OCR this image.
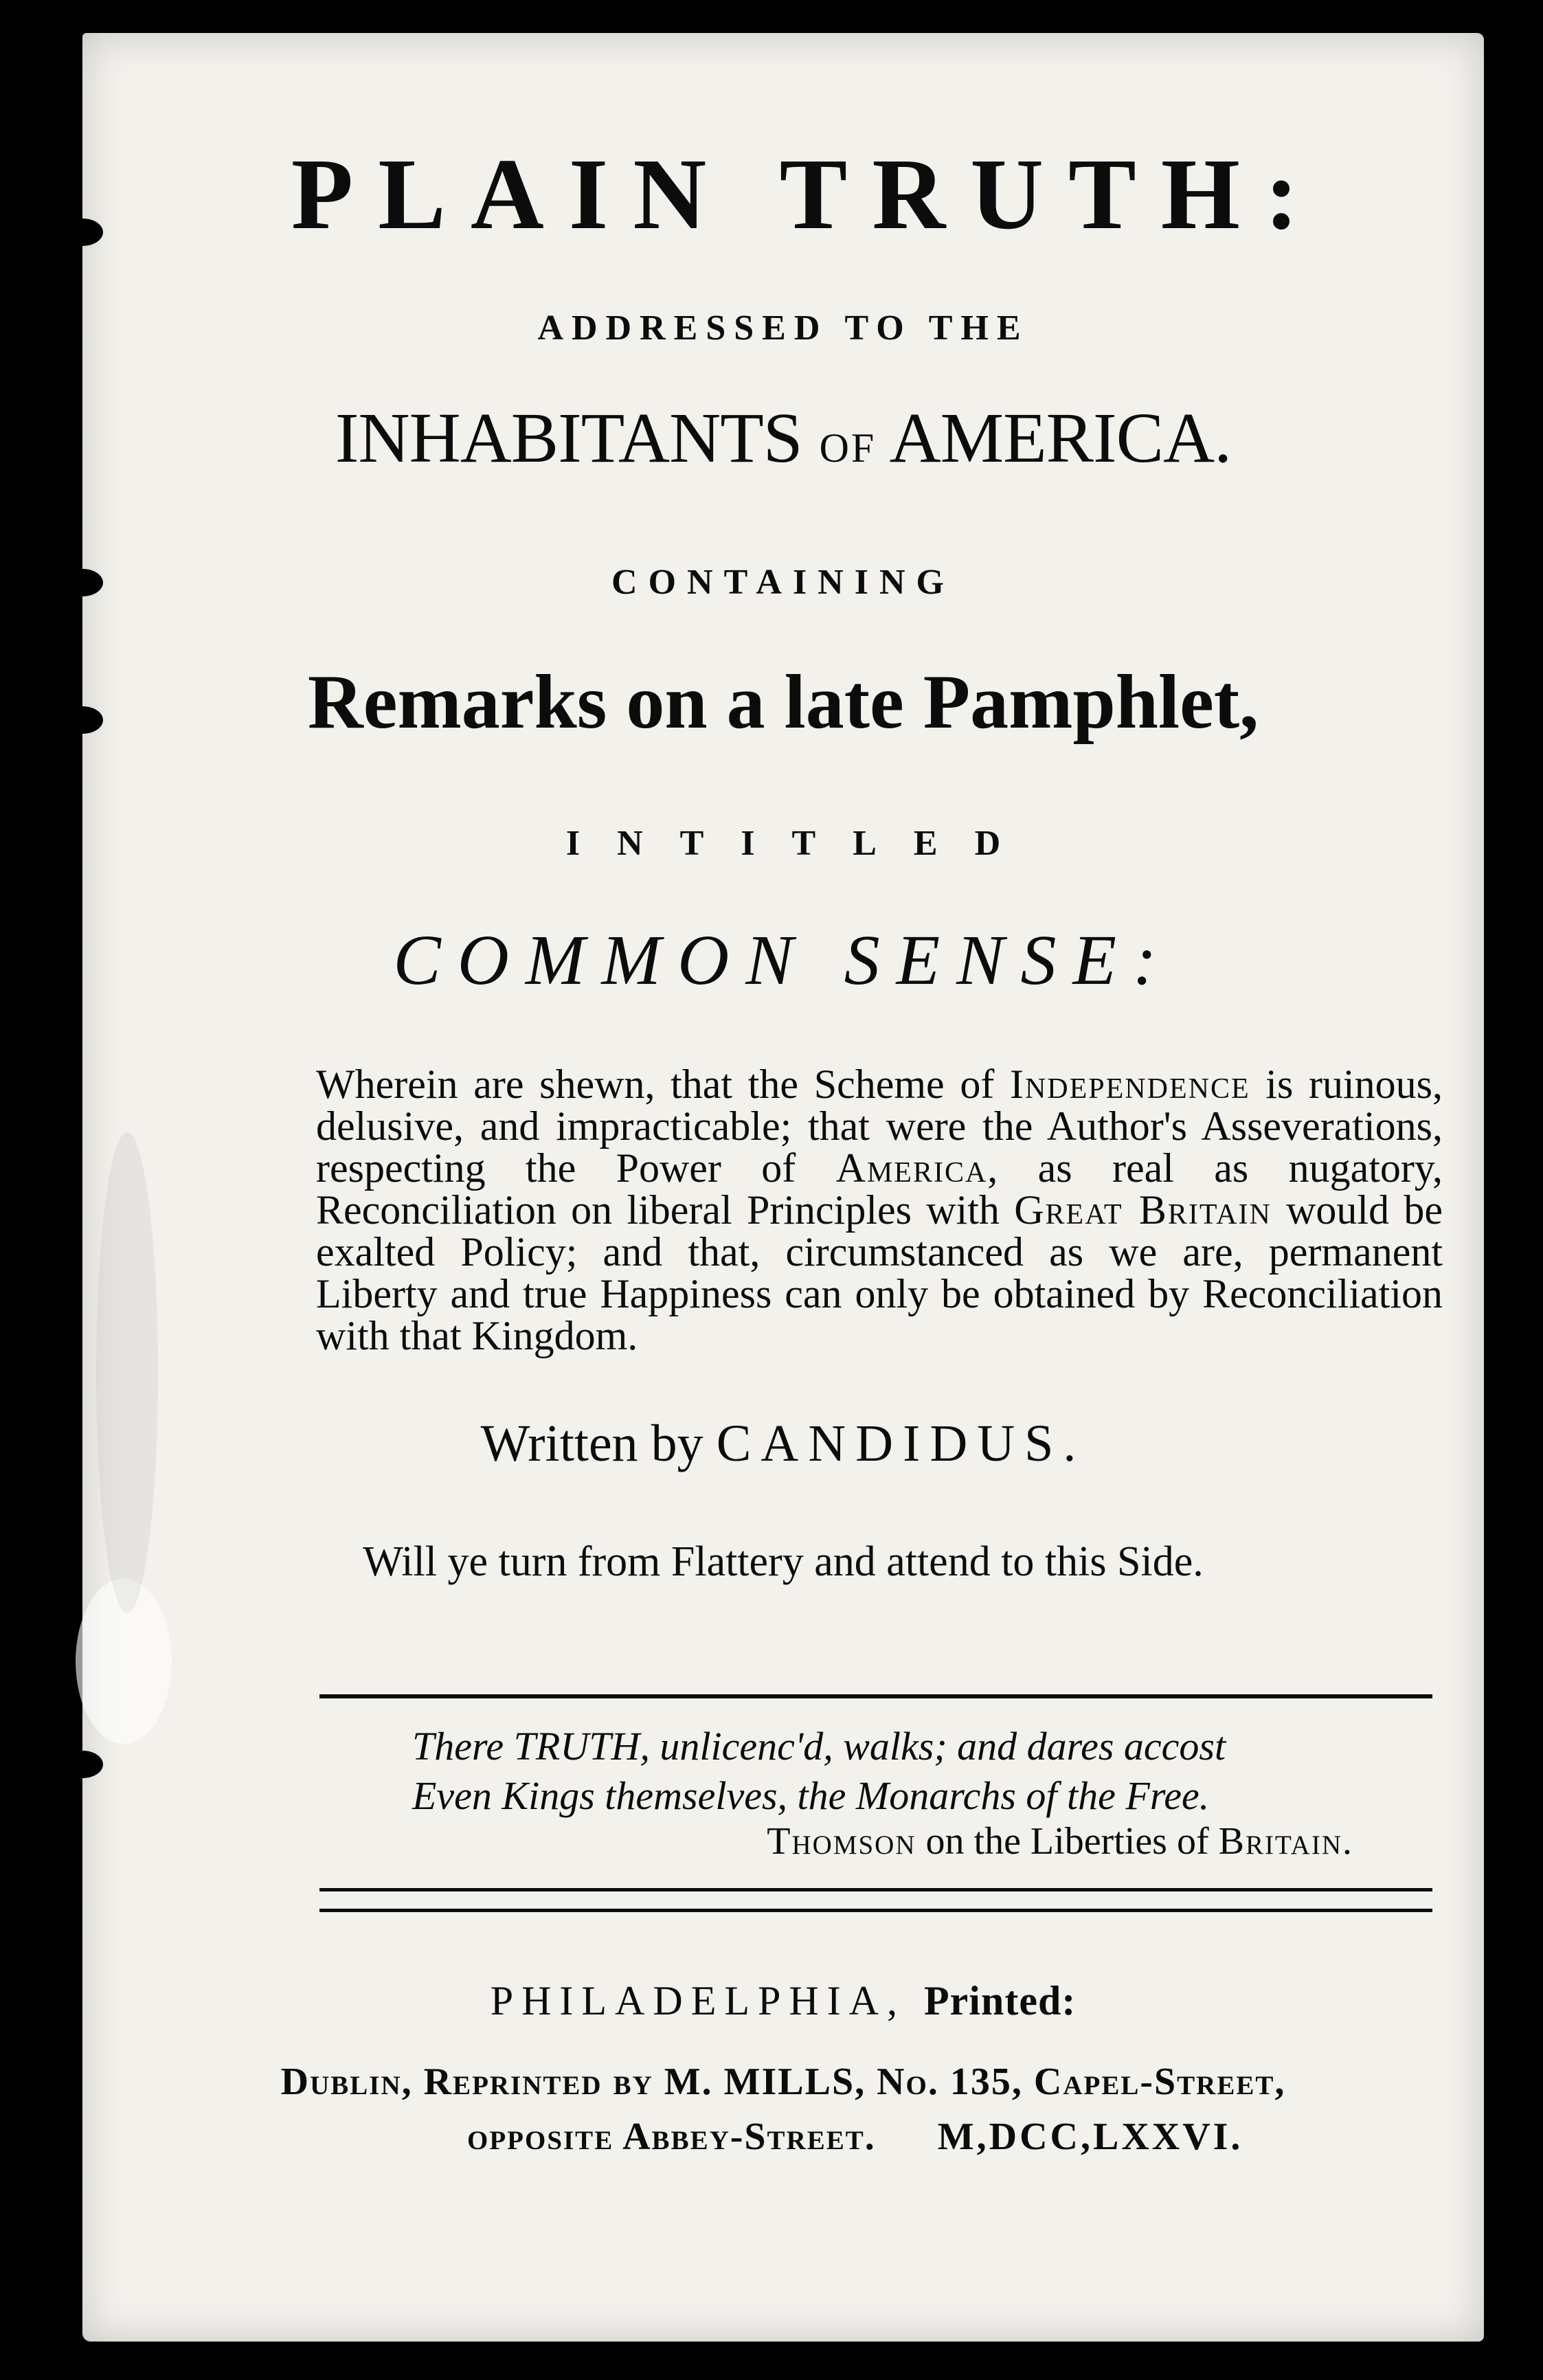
PLAIN TRUTH:
ADDRESSED TO THE
INHABITANTS OF AMERICA.
CONTAINING
Remarks on a late Pamphlet,
INTITLED
COMMON SENSE:
Wherein are shewn, that the Scheme of Independence is ruinous, delusive, and impracticable; that were the Author's Asseverations, respecting the Power of America, as real as nugatory, Reconciliation on liberal Principles with Great Britain would be exalted Policy; and that, circumstanced as we are, permanent Liberty and true Happiness can only be obtained by Reconciliation with that Kingdom.
Written by CANDIDUS.
Will ye turn from Flattery and attend to this Side.
There TRUTH, unlicenc'd, walks; and dares accost
Even Kings themselves, the Monarchs of the Free.
Thomson on the Liberties of Britain.
PHILADELPHIA, Printed:
Dublin, Reprinted by M. MILLS, No. 135, Capel-Street,
opposite Abbey-Street. M,DCC,LXXVI.
